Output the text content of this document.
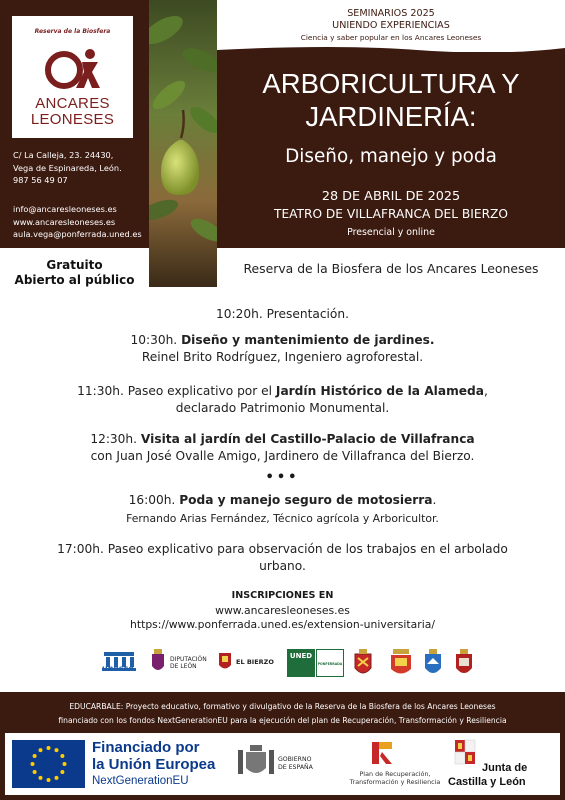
Reserva de la Biosfera
ANCARES
LEONESES
C/ La Calleja, 23. 24430,
Vega de Espinareda, León.
987 56 49 07
info@ancaresleoneses.es
www.ancaresleoneses.es
aula.vega@ponferrada.uned.es
SEMINARIOS 2025
UNIENDO EXPERIENCIAS
Ciencia y saber popular en los Ancares Leoneses
ARBORICULTURA Y
JARDINERÍA:
Diseño, manejo y poda
28 DE ABRIL DE 2025
TEATRO DE VILLAFRANCA DEL BIERZO
Presencial y online
Gratuito
Abierto al público
Reserva de la Biosfera de los Ancares Leoneses
10:20h. Presentación.
10:30h. Diseño y mantenimiento de jardines.
Reinel Brito Rodríguez, Ingeniero agroforestal.
11:30h. Paseo explicativo por el Jardín Histórico de la Alameda,
declarado Patrimonio Monumental.
12:30h. Visita al jardín del Castillo-Palacio de Villafranca
con Juan José Ovalle Amigo, Jardinero de Villafranca del Bierzo.
•••
16:00h. Poda y manejo seguro de motosierra.
Fernando Arias Fernández, Técnico agrícola y Arboricultor.
17:00h. Paseo explicativo para observación de los trabajos en el arbolado
urbano.
INSCRIPCIONES EN
www.ancaresleoneses.es
https://www.ponferrada.uned.es/extension-universitaria/
unesco
DIPUTACIÓN
DE LEÓN
EL BIERZO
UNED
PONFERRADA
EDUCARBALE: Proyecto educativo, formativo y divulgativo de la Reserva de la Biosfera de los Ancares Leoneses
financiado con los fondos NextGenerationEU para la ejecución del plan de Recuperación, Transformación y Resiliencia
Financiado por
la Unión Europea
NextGenerationEU
GOBIERNO
DE ESPAÑA
Plan de Recuperación,
Transformación y Resiliencia
Junta de
Castilla y León
